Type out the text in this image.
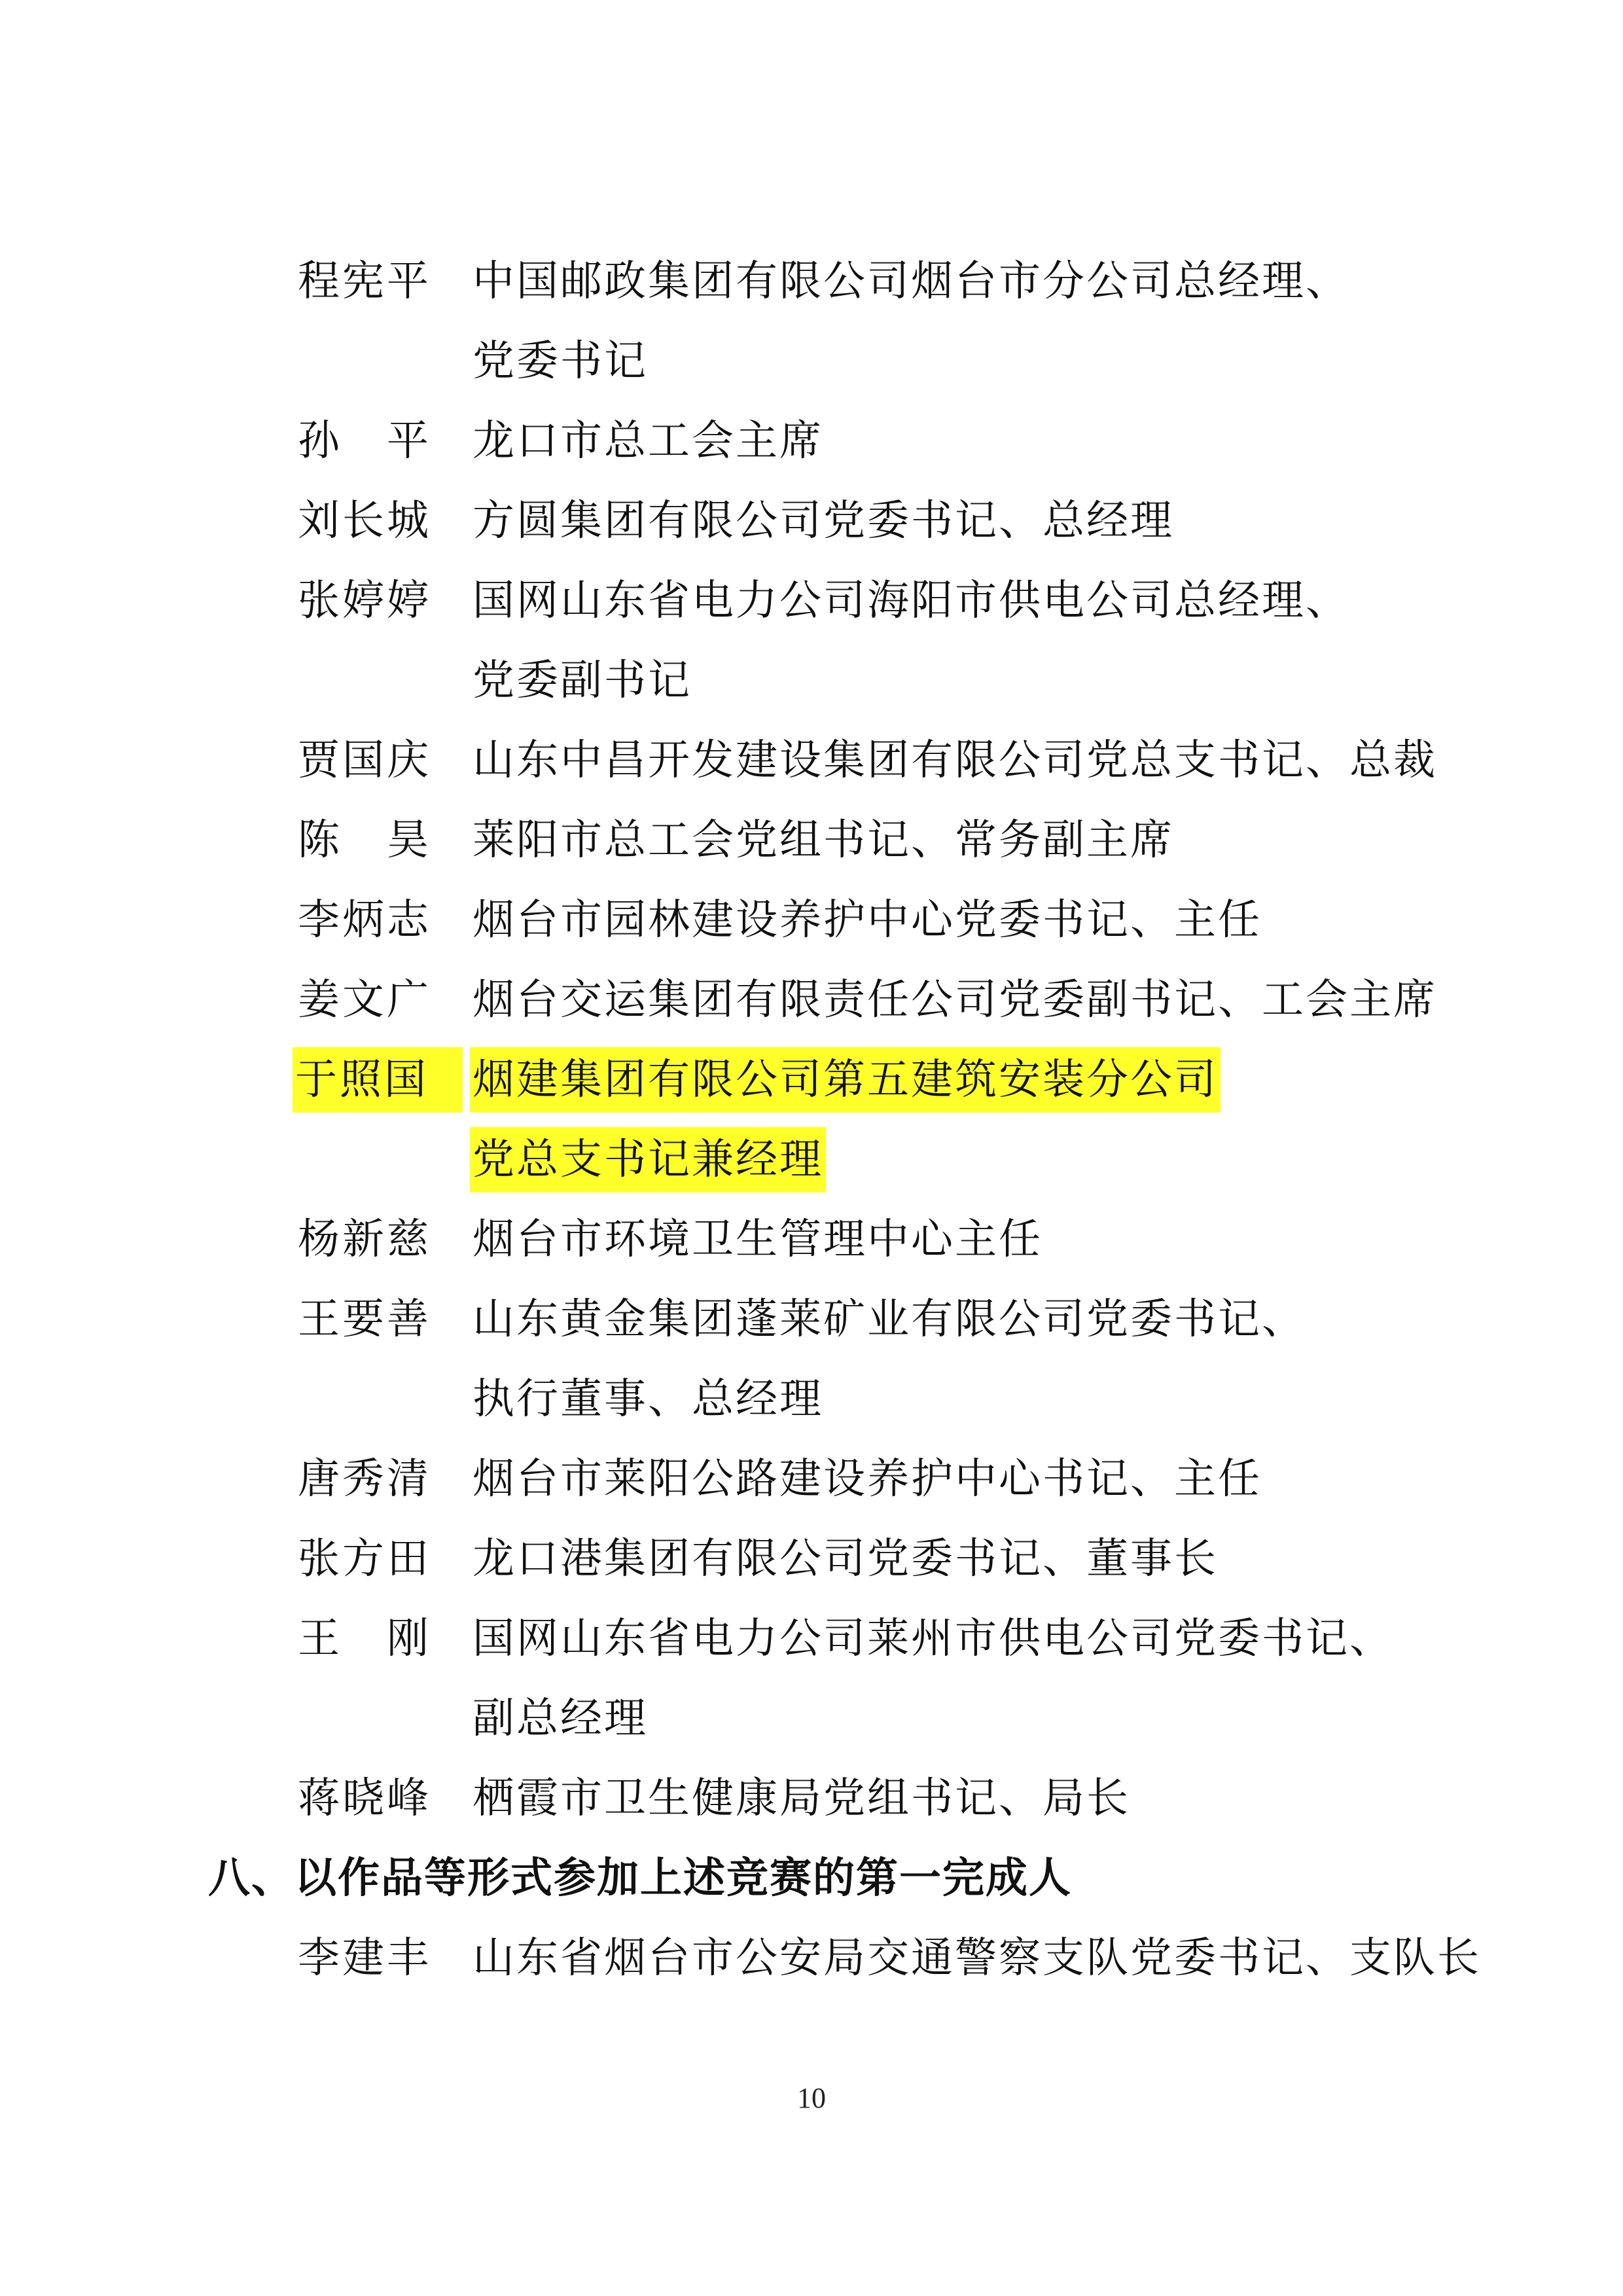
程宪平 中国邮政集团有限公司烟台市分公司总经理、
党委书记
孙　平 龙口市总工会主席
刘长城 方圆集团有限公司党委书记、总经理
张婷婷 国网山东省电力公司海阳市供电公司总经理、
党委副书记
贾国庆 山东中昌开发建设集团有限公司党总支书记、总裁
陈　昊 莱阳市总工会党组书记、常务副主席
李炳志 烟台市园林建设养护中心党委书记、主任
姜文广 烟台交运集团有限责任公司党委副书记、工会主席
于照国	烟建集团有限公司第五建筑安装分公司
党总支书记兼经理
杨新慈 烟台市环境卫生管理中心主任
王要善 山东黄金集团蓬莱矿业有限公司党委书记、
执行董事、总经理
唐秀清 烟台市莱阳公路建设养护中心书记、主任
张方田 龙口港集团有限公司党委书记、董事长
王　刚 国网山东省电力公司莱州市供电公司党委书记、
副总经理
蒋晓峰 栖霞市卫生健康局党组书记、局长
八、以作品等形式参加上述竞赛的第一完成人
李建丰 山东省烟台市公安局交通警察支队党委书记、支队长
10
